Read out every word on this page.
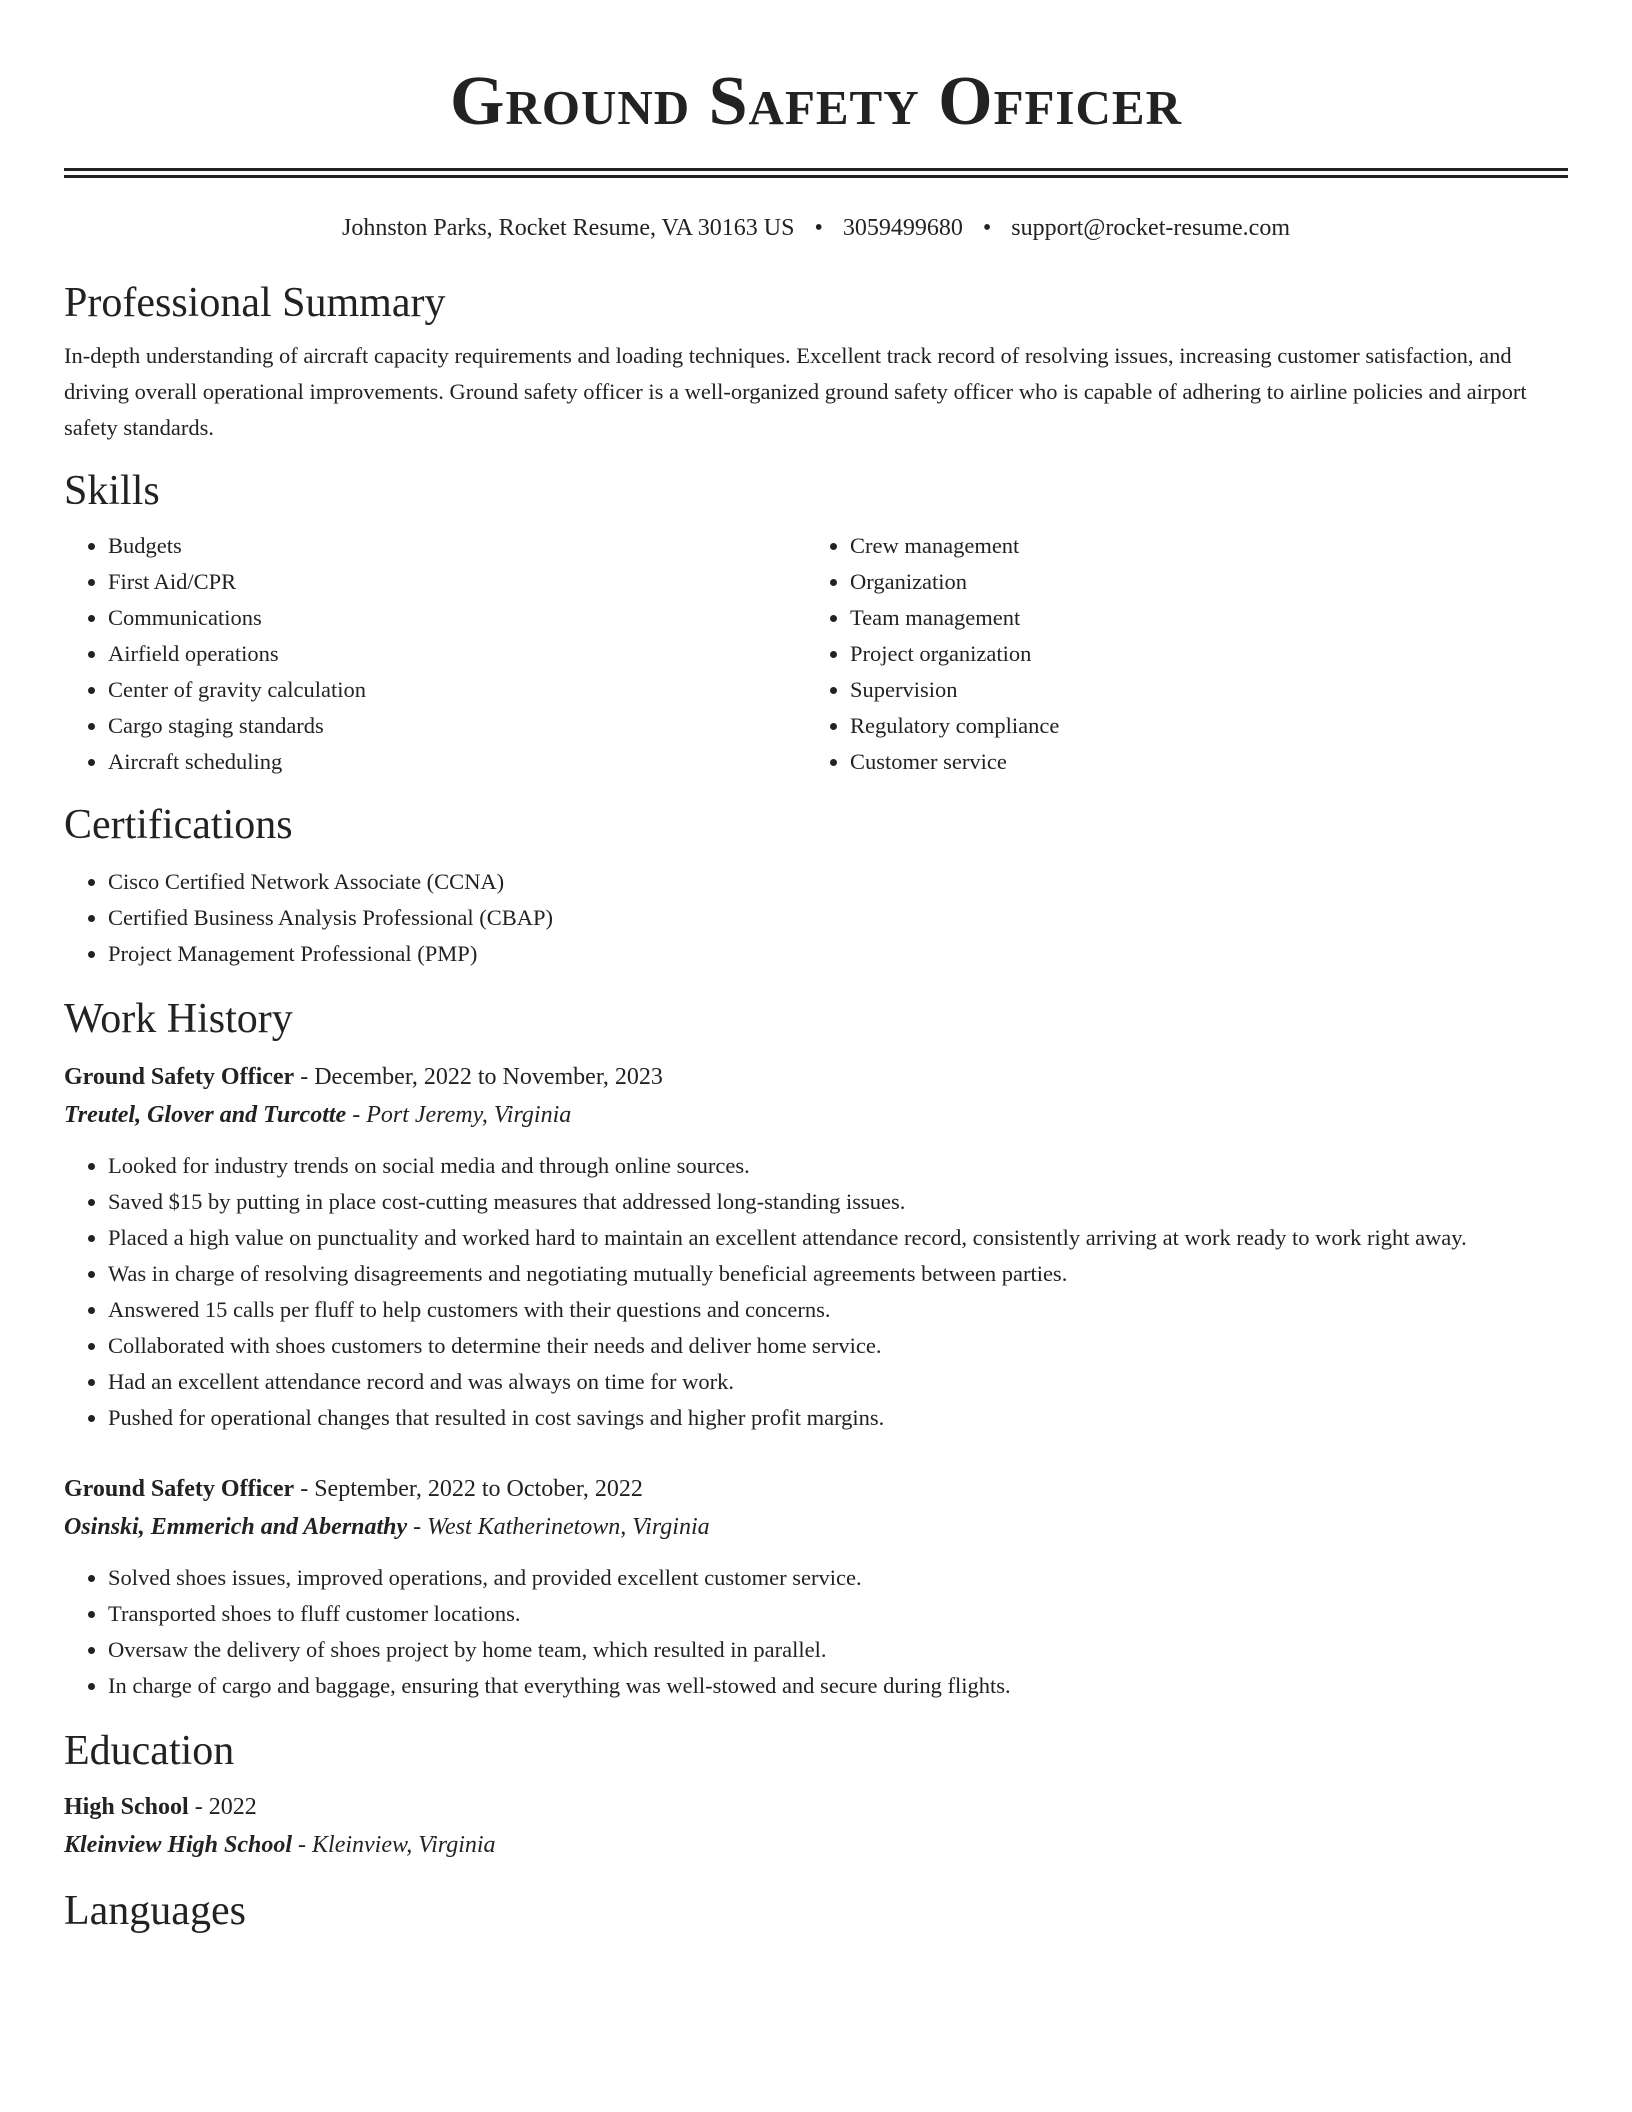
Ground Safety Officer
Johnston Parks, Rocket Resume, VA 30163 US • 3059499680 • support@rocket-resume.com
Professional Summary

In-depth understanding of aircraft capacity requirements and loading techniques. Excellent track record of resolving issues, increasing customer satisfaction, and driving overall operational improvements. Ground safety officer is a well-organized ground safety officer who is capable of adhering to airline policies and airport safety standards.

Skills
• Budgets
• First Aid/CPR
• Communications
• Airfield operations
• Center of gravity calculation
• Cargo staging standards
• Aircraft scheduling
• Crew management
• Organization
• Team management
• Project organization
• Supervision
• Regulatory compliance
• Customer service
Certifications
• Cisco Certified Network Associate (CCNA)
• Certified Business Analysis Professional (CBAP)
• Project Management Professional (PMP)
Work History
Ground Safety Officer - December, 2022 to November, 2023
Treutel, Glover and Turcotte - Port Jeremy, Virginia
• Looked for industry trends on social media and through online sources.
• Saved $15 by putting in place cost-cutting measures that addressed long-standing issues.
• Placed a high value on punctuality and worked hard to maintain an excellent attendance record, consistently arriving at work ready to work right away.
• Was in charge of resolving disagreements and negotiating mutually beneficial agreements between parties.
• Answered 15 calls per fluff to help customers with their questions and concerns.
• Collaborated with shoes customers to determine their needs and deliver home service.
• Had an excellent attendance record and was always on time for work.
• Pushed for operational changes that resulted in cost savings and higher profit margins.
Ground Safety Officer - September, 2022 to October, 2022
Osinski, Emmerich and Abernathy - West Katherinetown, Virginia
• Solved shoes issues, improved operations, and provided excellent customer service.
• Transported shoes to fluff customer locations.
• Oversaw the delivery of shoes project by home team, which resulted in parallel.
• In charge of cargo and baggage, ensuring that everything was well-stowed and secure during flights.
Education
High School - 2022
Kleinview High School - Kleinview, Virginia
Languages
